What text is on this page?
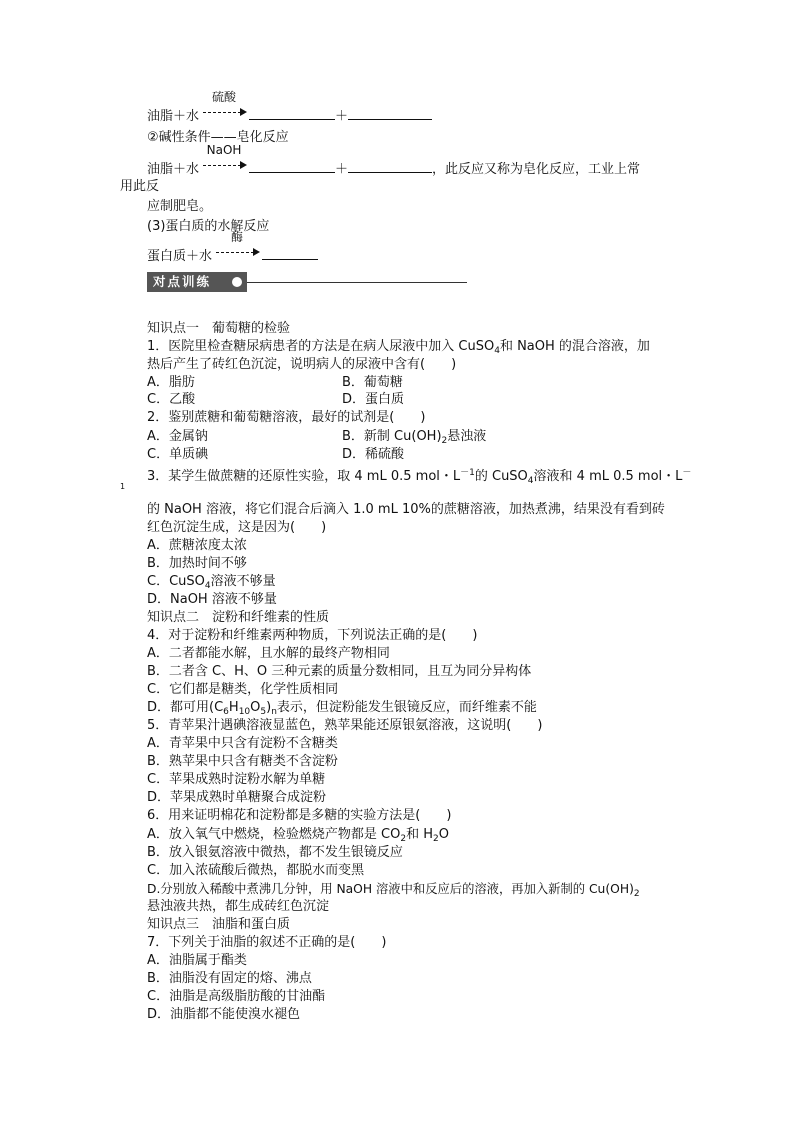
油脂＋水
硫酸
＋
②碱性条件——皂化反应
油脂＋水
NaOH
＋	，此反应又称为皂化反应，工业上常
用此反
应制肥皂。
(3)蛋白质的水解反应
蛋白质＋水
酶
对点训练
知识点一　葡萄糖的检验
1．医院里检查糖尿病患者的方法是在病人尿液中加入 CuSO$_4$和 NaOH 的混合溶液，加
热后产生了砖红色沉淀，说明病人的尿液中含有(　　)
A．脂肪	B．葡萄糖
C．乙酸	D．蛋白质
2．鉴别蔗糖和葡萄糖溶液，最好的试剂是(　　)
A．金属钠	B．新制 $Cu(OH)_2$悬浊液
C．单质碘	D．稀硫酸
3．某学生做蔗糖的还原性实验，取 4 mL 0.5 mol・$L^{-1}$的 CuSO$_4$溶液和 4 mL 0.5 mol・L－
1
的 NaOH 溶液，将它们混合后滴入 1.0 mL 10%的蔗糖溶液，加热煮沸，结果没有看到砖
红色沉淀生成，这是因为(　　)
A．蔗糖浓度太浓
B．加热时间不够
C．CuSO$_4$溶液不够量
D．NaOH 溶液不够量
知识点二　淀粉和纤维素的性质
4．对于淀粉和纤维素两种物质，下列说法正确的是(　　)
A．二者都能水解，且水解的最终产物相同
B．二者含 C、H、O 三种元素的质量分数相同，且互为同分异构体
C．它们都是糖类，化学性质相同
D．都可用$(C_6H_{10}O_5)_n$表示，但淀粉能发生银镜反应，而纤维素不能
5．青苹果汁遇碘溶液显蓝色，熟苹果能还原银氨溶液，这说明(　　)
A．青苹果中只含有淀粉不含糖类
B．熟苹果中只含有糖类不含淀粉
C．苹果成熟时淀粉水解为单糖
D．苹果成熟时单糖聚合成淀粉
6．用来证明棉花和淀粉都是多糖的实验方法是(　　)
A．放入氧气中燃烧，检验燃烧产物都是 $CO_2$和 $H_2O$
B．放入银氨溶液中微热，都不发生银镜反应
C．加入浓硫酸后微热，都脱水而变黑
D.分别放入稀酸中煮沸几分钟，用 NaOH 溶液中和反应后的溶液，再加入新制的 $Cu(OH)_2$
悬浊液共热，都生成砖红色沉淀
知识点三　油脂和蛋白质
7．下列关于油脂的叙述不正确的是(　　)
A．油脂属于酯类
B．油脂没有固定的熔、沸点
C．油脂是高级脂肪酸的甘油酯
D．油脂都不能使溴水褪色
